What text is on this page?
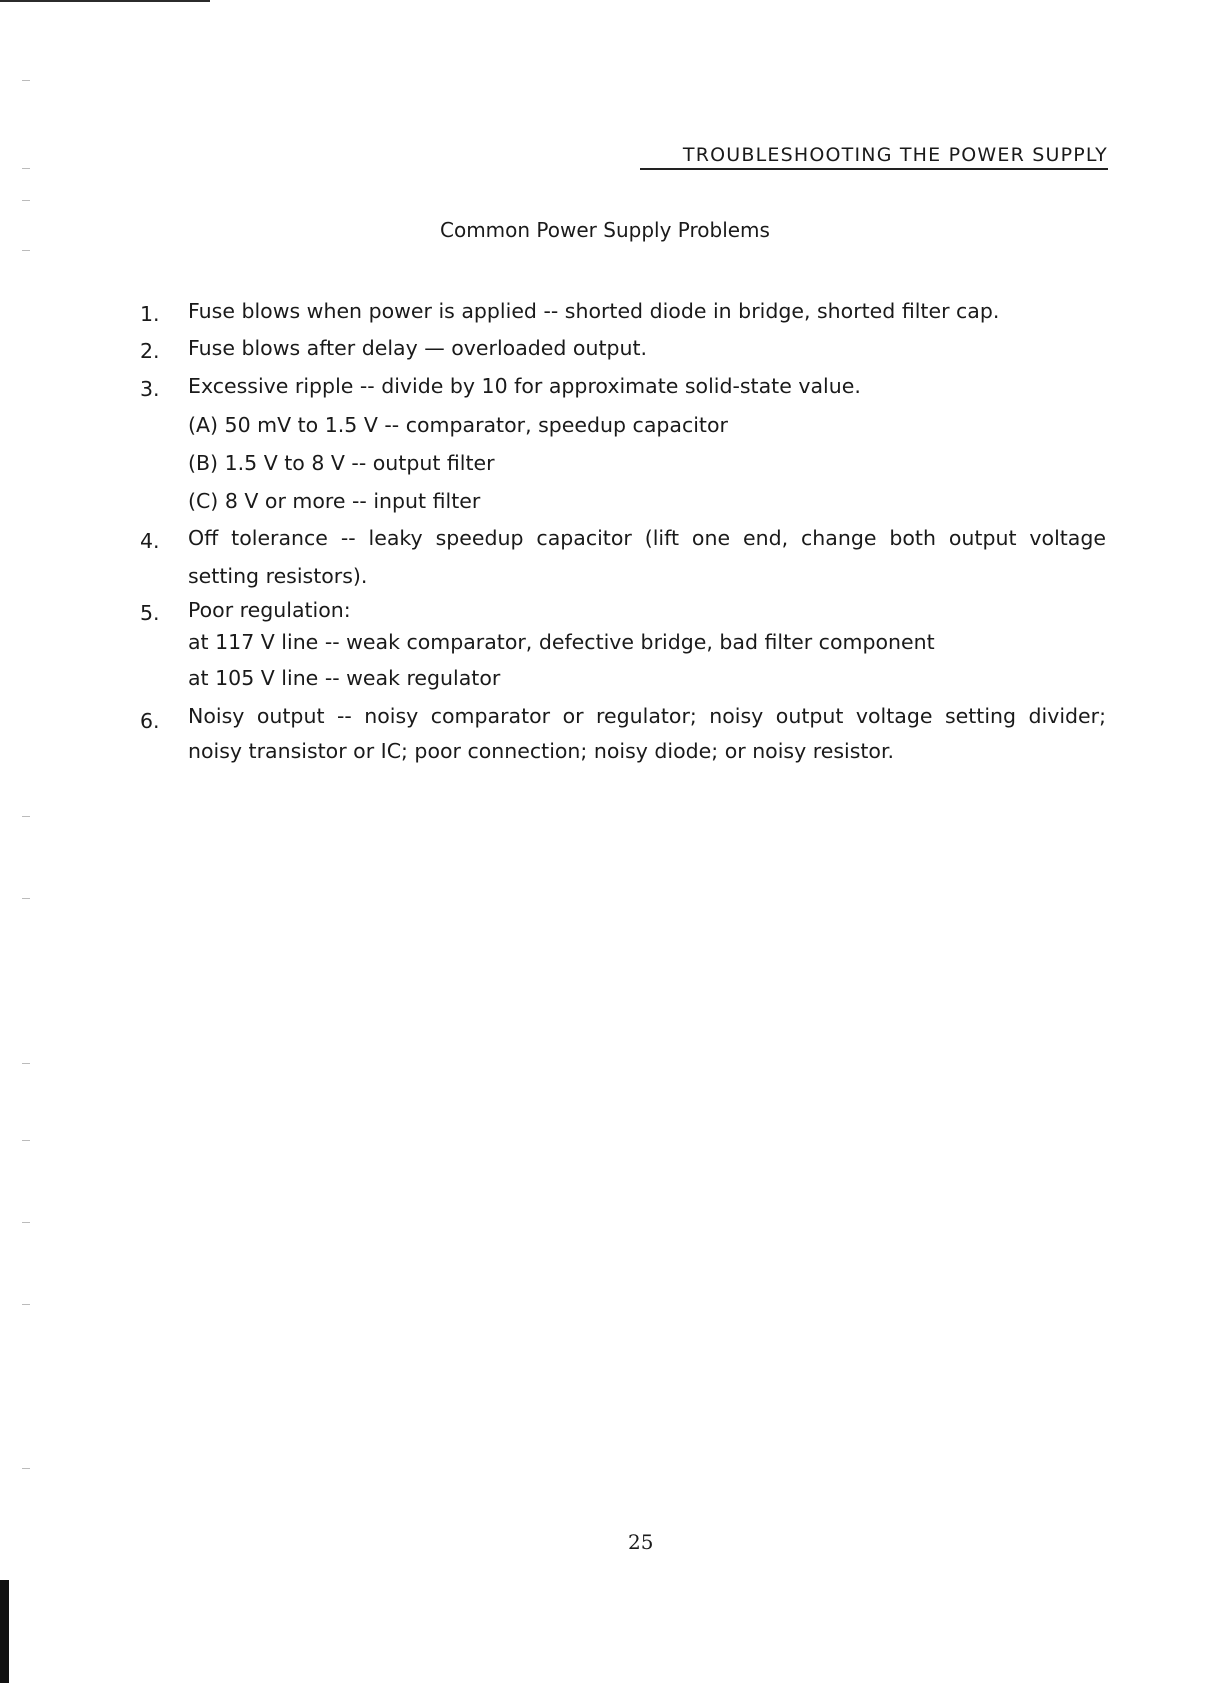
TROUBLESHOOTING THE POWER SUPPLY
Common Power Supply Problems
1. Fuse blows when power is applied -- shorted diode in bridge, shorted filter cap.
2. Fuse blows after delay — overloaded output.
3. Excessive ripple -- divide by 10 for approximate solid-state value.
(A) 50 mV to 1.5 V -- comparator, speedup capacitor
(B) 1.5 V to 8 V -- output filter
(C) 8 V or more -- input filter
4. Off tolerance -- leaky speedup capacitor (lift one end, change both output voltage
setting resistors).
5. Poor regulation:
at 117 V line -- weak comparator, defective bridge, bad filter component
at 105 V line -- weak regulator
6. Noisy output -- noisy comparator or regulator; noisy output voltage setting divider;
noisy transistor or IC; poor connection; noisy diode; or noisy resistor.
25
